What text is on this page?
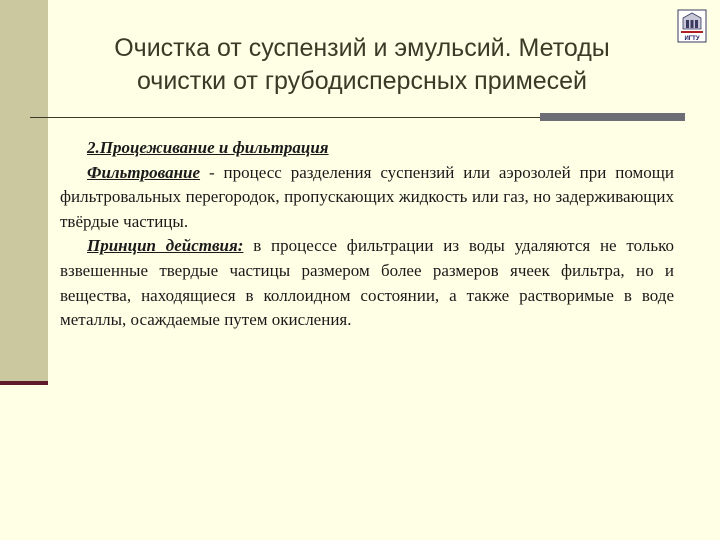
Очистка от суспензий и эмульсий. Методы
очистки от грубодисперсных примесей
ИГТУ

2.Процеживание и фильтрация

Фильтрование - процесс разделения суспензий или аэрозолей при помощи фильтровальных перегородок, пропускающих жидкость или газ, но задерживающих твёрдые частицы.

Принцип действия: в процессе фильтрации из воды удаляются не только взвешенные твердые частицы размером более размеров ячеек фильтра, но и вещества, находящиеся в коллоидном состоянии, а также растворимые в воде металлы, осаждаемые путем окисления.
